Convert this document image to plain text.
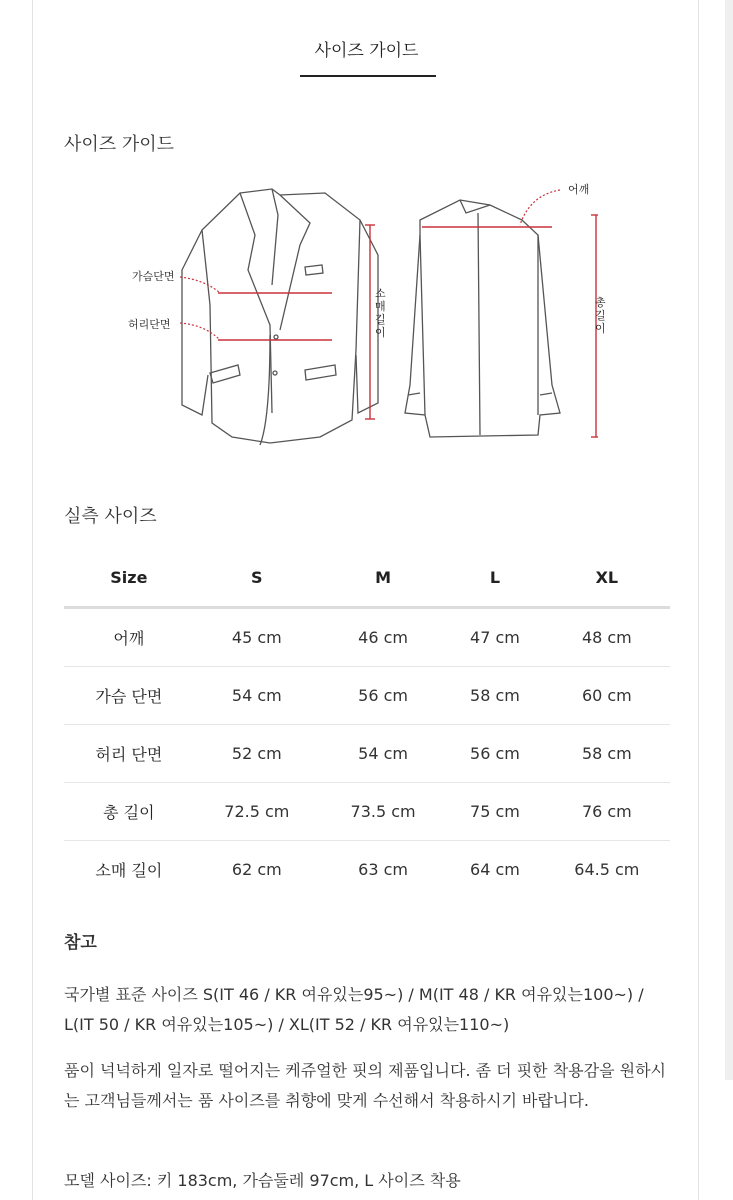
사이즈 가이드
사이즈 가이드
가슴단면
허리단면
소매길이
어깨
총길이
실측 사이즈
Size	S	M	L	XL
어깨	45 cm	46 cm	47 cm	48 cm
가슴 단면	54 cm	56 cm	58 cm	60 cm
허리 단면	52 cm	54 cm	56 cm	58 cm
총 길이	72.5 cm	73.5 cm	75 cm	76 cm
소매 길이	62 cm	63 cm	64 cm	64.5 cm
참고
국가별 표준 사이즈 S(IT 46 / KR 여유있는95~) / M(IT 48 / KR 여유있는100~) / L(IT 50 / KR 여유있는105~) / XL(IT 52 / KR 여유있는110~)
품이 넉넉하게 일자로 떨어지는 케쥬얼한 핏의 제품입니다. 좀 더 핏한 착용감을 원하시는 고객님들께서는 품 사이즈를 취향에 맞게 수선해서 착용하시기 바랍니다.
모델 사이즈: 키 183cm, 가슴둘레 97cm, L 사이즈 착용
